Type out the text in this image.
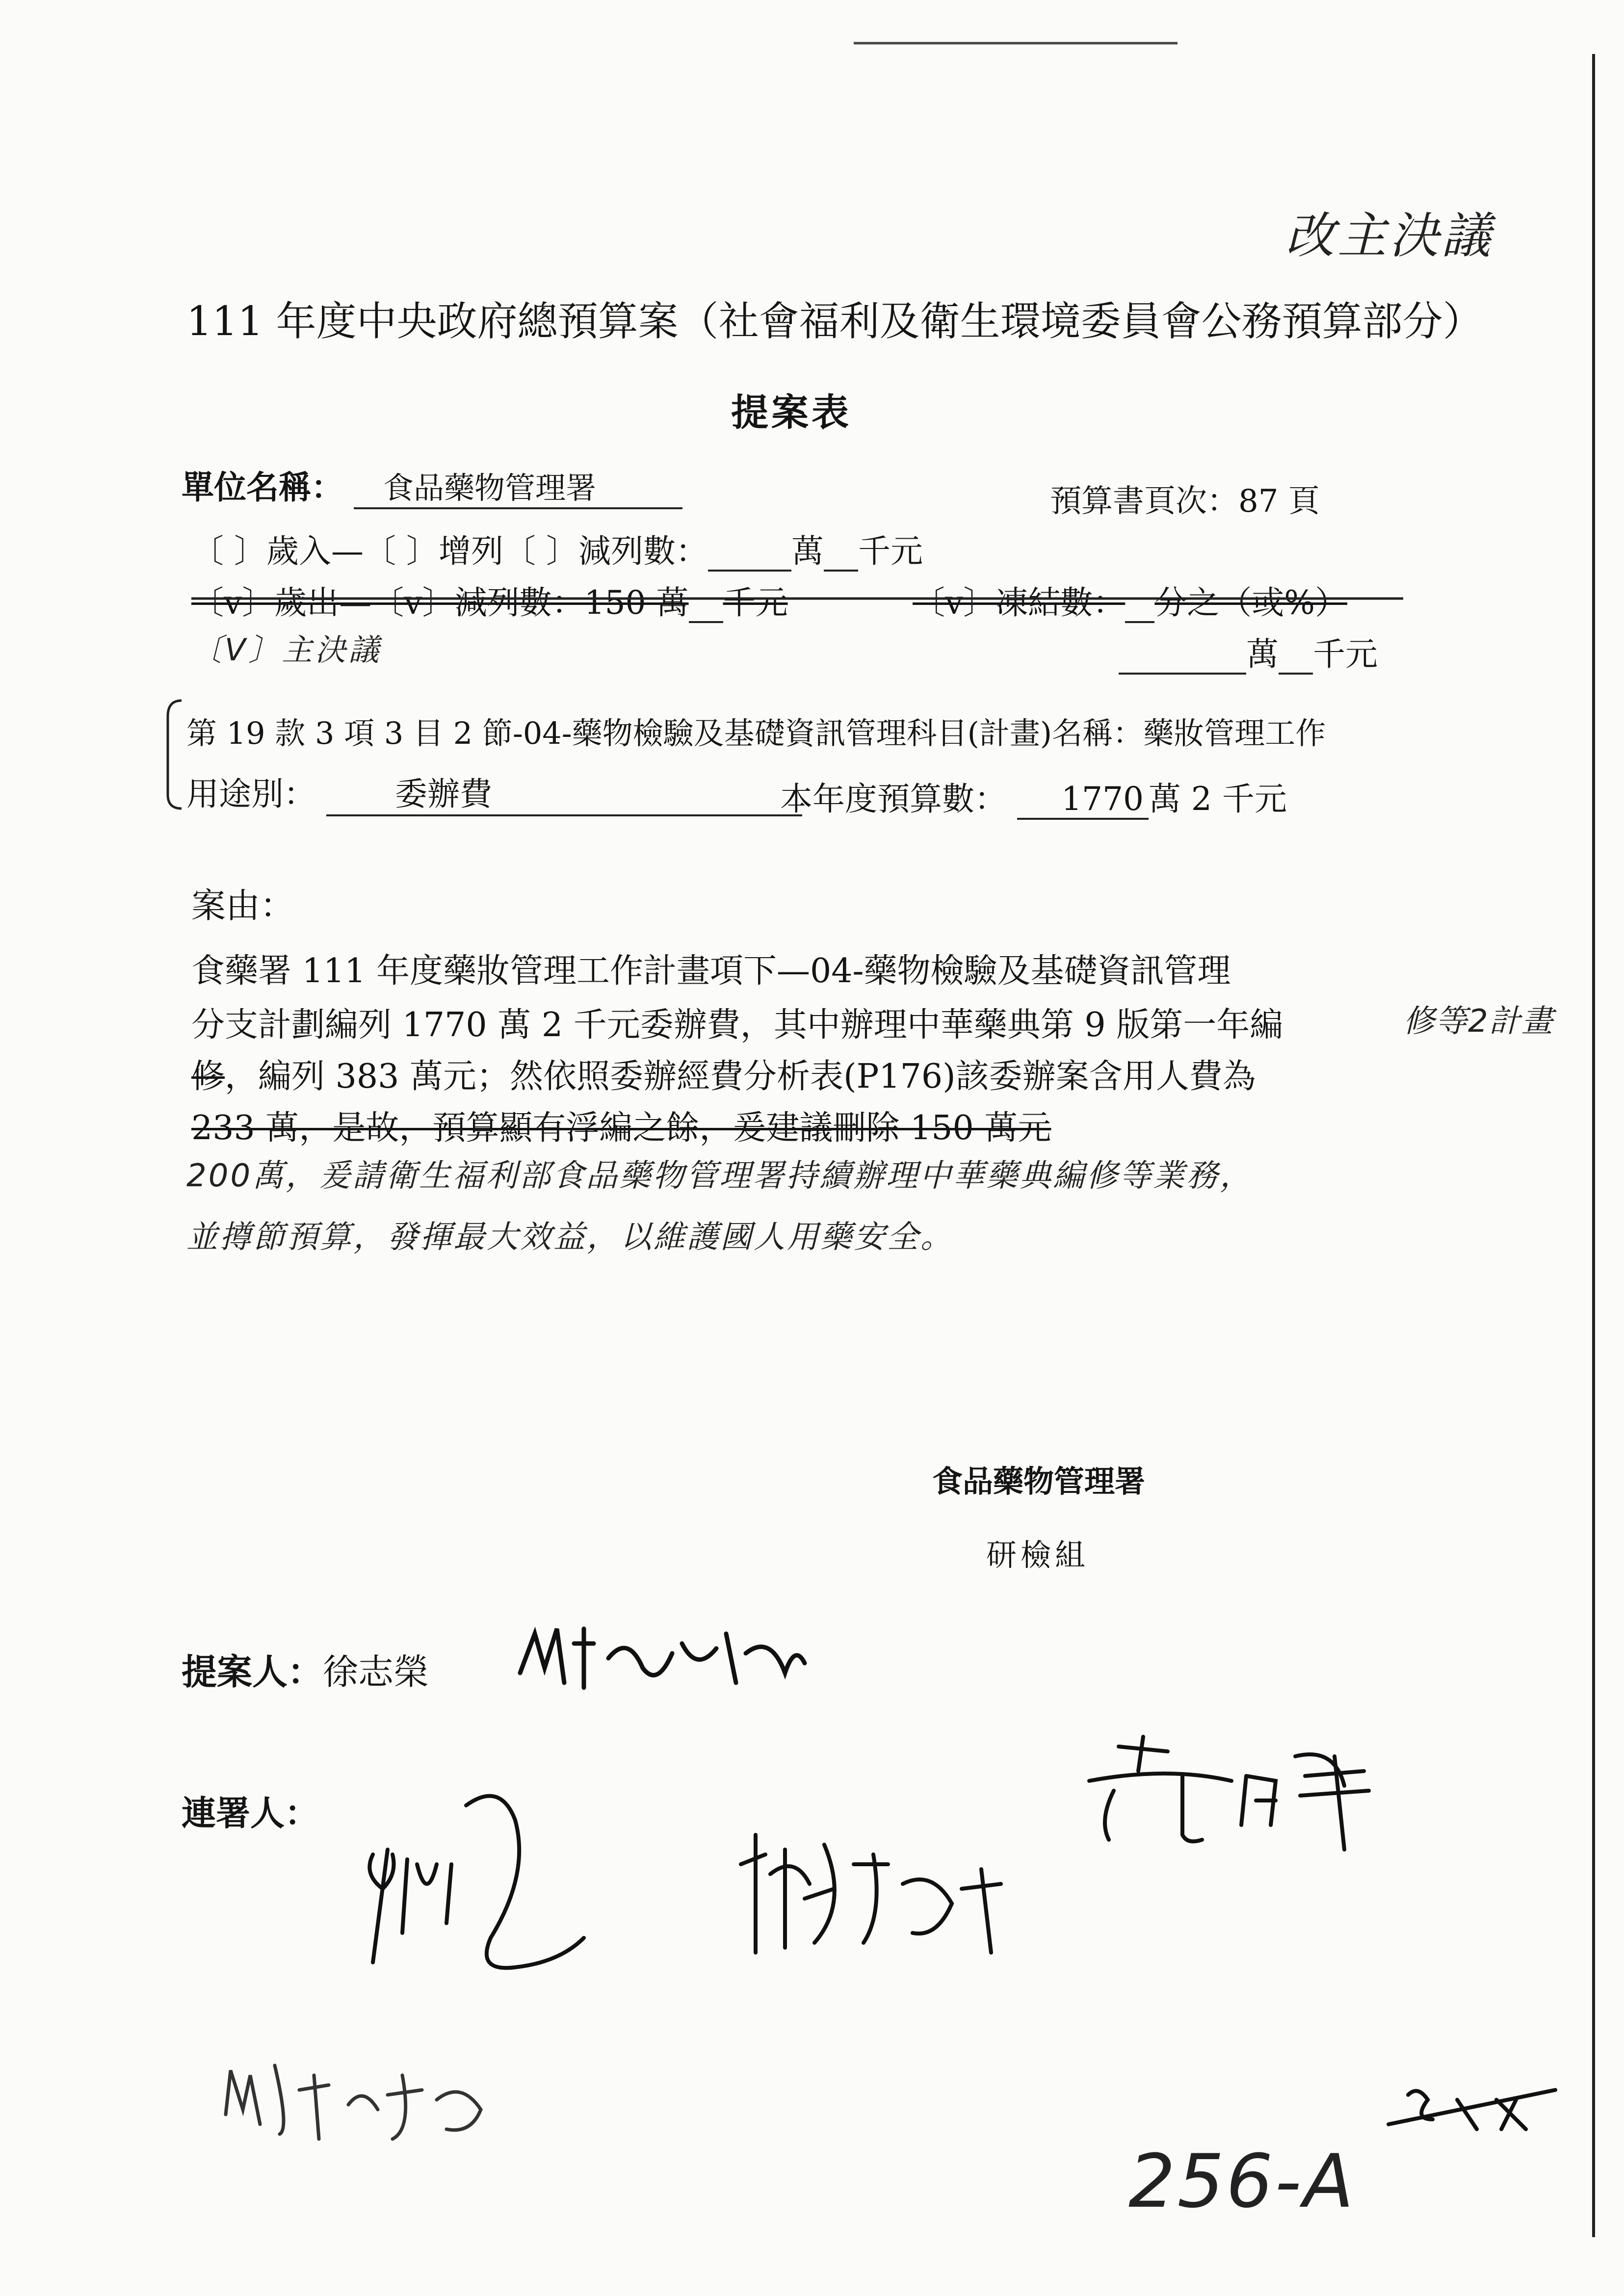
改主決議
111 年度中央政府總預算案（社會福利及衛生環境委員會公務預算部分）
提案表
單位名稱： 食品藥物管理署	預算書頁次：87 頁
〔 〕歲入—〔 〕增列〔 〕減列數：	萬 千元
〔v〕歲出—〔v〕減列數：150 萬 千元	〔v〕凍結數： 分之（或%）
〔V〕主決議	萬 千元
第 19 款 3 項 3 目 2 節-04-藥物檢驗及基礎資訊管理科目(計畫)名稱：藥妝管理工作
用途別： 委辦費	本年度預算數： 1770 萬 2 千元
案由：
食藥署 111 年度藥妝管理工作計畫項下—04-藥物檢驗及基礎資訊管理
分支計劃編列 1770 萬 2 千元委辦費，其中辦理中華藥典第 9 版第一年編	修等2計畫
修，編列 383 萬元；然依照委辦經費分析表(P176)該委辦案含用人費為
233 萬，是故，預算顯有浮編之餘，爰建議刪除 150 萬元
200萬，爰請衛生福利部食品藥物管理署持續辦理中華藥典編修等業務，
並撙節預算，發揮最大效益，以維護國人用藥安全。
食品藥物管理署
研檢組
提案人：徐志榮
連署人：
256-A
